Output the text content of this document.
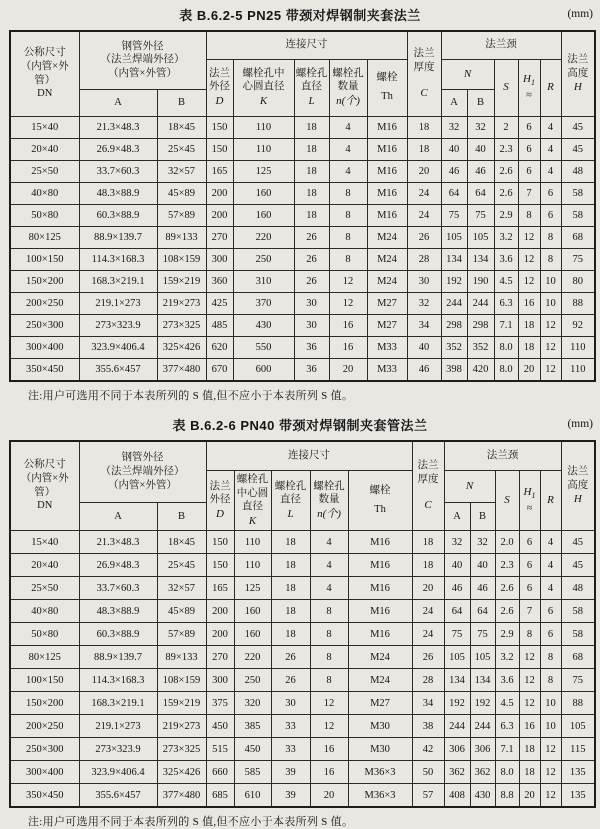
表 B.6.2-5 PN25 带颈对焊钢制夹套法兰	(mm)
公称尺寸
（内管×外管）
DN	钢管外径
（法兰焊端外径）
（内管×外管）		连接尺寸					法兰
厚度
C	法兰颈					法兰
高度
H

			法兰
外径
D	螺栓孔中
心圆直径
K	螺栓孔
直径
L	螺栓孔
数量
n(个)	螺栓
Th		N		S	$H_1$
≈	R	
	A	B							A	B				
15×40	21.3×48.3	18×45	150	110	18	4	M16	18	32	32	2	6	4	45
20×40	26.9×48.3	25×45	150	110	18	4	M16	18	40	40	2.3	6	4	45
25×50	33.7×60.3	32×57	165	125	18	4	M16	20	46	46	2.6	6	4	48
40×80	48.3×88.9	45×89	200	160	18	8	M16	24	64	64	2.6	7	6	58
50×80	60.3×88.9	57×89	200	160	18	8	M16	24	75	75	2.9	8	6	58
80×125	88.9×139.7	89×133	270	220	26	8	M24	26	105	105	3.2	12	8	68
100×150	114.3×168.3	108×159	300	250	26	8	M24	28	134	134	3.6	12	8	75
150×200	168.3×219.1	159×219	360	310	26	12	M24	30	192	190	4.5	12	10	80
200×250	219.1×273	219×273	425	370	30	12	M27	32	244	244	6.3	16	10	88
250×300	273×323.9	273×325	485	430	30	16	M27	34	298	298	7.1	18	12	92
300×400	323.9×406.4	325×426	620	550	36	16	M33	40	352	352	8.0	18	12	110
350×450	355.6×457	377×480	670	600	36	20	M33	46	398	420	8.0	20	12	110
注:用户可选用不同于本表所列的 S 值,但不应小于本表所列 S 值。
表 B.6.2-6 PN40 带颈对焊钢制夹套管法兰	(mm)
公称尺寸
（内管×外管）
DN	钢管外径
（法兰焊端外径）
（内管×外管）		连接尺寸					法兰
厚度
C	法兰颈					法兰
高度
H

			法兰
外径
D	螺栓孔
中心圆
直径
K	螺栓孔
直径
L	螺栓孔
数量
n(个)	螺栓
Th		N		S	$H_1$
≈	R	
	A	B							A	B				
15×40	21.3×48.3	18×45	150	110	18	4	M16	18	32	32	2.0	6	4	45
20×40	26.9×48.3	25×45	150	110	18	4	M16	18	40	40	2.3	6	4	45
25×50	33.7×60.3	32×57	165	125	18	4	M16	20	46	46	2.6	6	4	48
40×80	48.3×88.9	45×89	200	160	18	8	M16	24	64	64	2.6	7	6	58
50×80	60.3×88.9	57×89	200	160	18	8	M16	24	75	75	2.9	8	6	58
80×125	88.9×139.7	89×133	270	220	26	8	M24	26	105	105	3.2	12	8	68
100×150	114.3×168.3	108×159	300	250	26	8	M24	28	134	134	3.6	12	8	75
150×200	168.3×219.1	159×219	375	320	30	12	M27	34	192	192	4.5	12	10	88
200×250	219.1×273	219×273	450	385	33	12	M30	38	244	244	6.3	16	10	105
250×300	273×323.9	273×325	515	450	33	16	M30	42	306	306	7.1	18	12	115
300×400	323.9×406.4	325×426	660	585	39	16	M36×3	50	362	362	8.0	18	12	135
350×450	355.6×457	377×480	685	610	39	20	M36×3	57	408	430	8.8	20	12	135
注:用户可选用不同于本表所列的 S 值,但不应小于本表所列 S 值。
